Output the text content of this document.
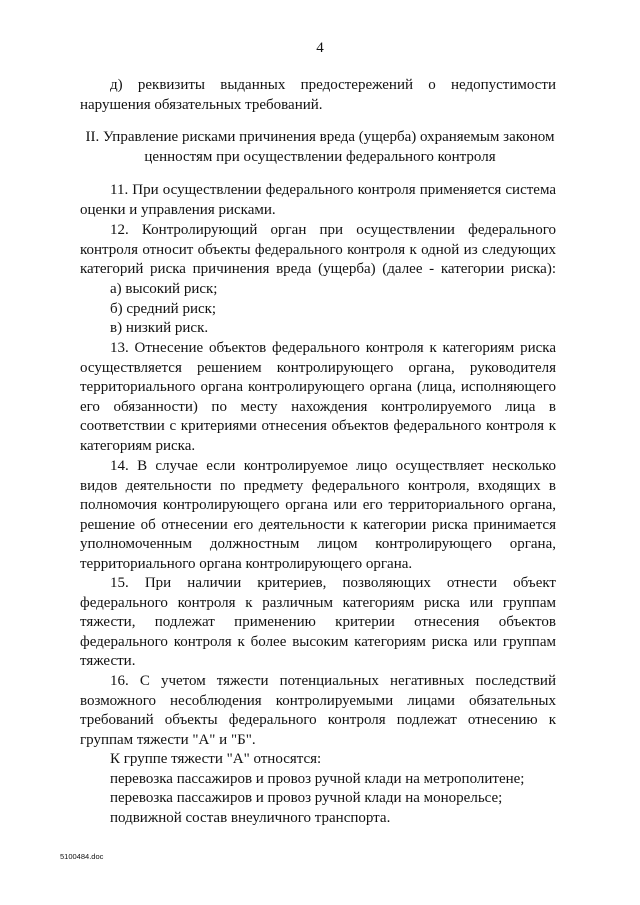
4
д) реквизиты выданных предостережений о недопустимости
нарушения обязательных требований.
II. Управление рисками причинения вреда (ущерба) охраняемым законом
ценностям при осуществлении федерального контроля
11. При осуществлении федерального контроля применяется система
оценки и управления рисками.
12. Контролирующий орган при осуществлении федерального
контроля относит объекты федерального контроля к одной из следующих
категорий риска причинения вреда (ущерба) (далее - категории риска):
а) высокий риск;
б) средний риск;
в) низкий риск.
13. Отнесение объектов федерального контроля к категориям риска
осуществляется решением контролирующего органа, руководителя
территориального органа контролирующего органа (лица, исполняющего
его обязанности) по месту нахождения контролируемого лица в
соответствии с критериями отнесения объектов федерального контроля к
категориям риска.
14. В случае если контролируемое лицо осуществляет несколько
видов деятельности по предмету федерального контроля, входящих в
полномочия контролирующего органа или его территориального органа,
решение об отнесении его деятельности к категории риска принимается
уполномоченным должностным лицом контролирующего органа,
территориального органа контролирующего органа.
15. При наличии критериев, позволяющих отнести объект
федерального контроля к различным категориям риска или группам
тяжести, подлежат применению критерии отнесения объектов
федерального контроля к более высоким категориям риска или группам
тяжести.
16. С учетом тяжести потенциальных негативных последствий
возможного несоблюдения контролируемыми лицами обязательных
требований объекты федерального контроля подлежат отнесению к
группам тяжести "А" и "Б".
К группе тяжести "А" относятся:
перевозка пассажиров и провоз ручной клади на метрополитене;
перевозка пассажиров и провоз ручной клади на монорельсе;
подвижной состав внеуличного транспорта.
5100484.doc
